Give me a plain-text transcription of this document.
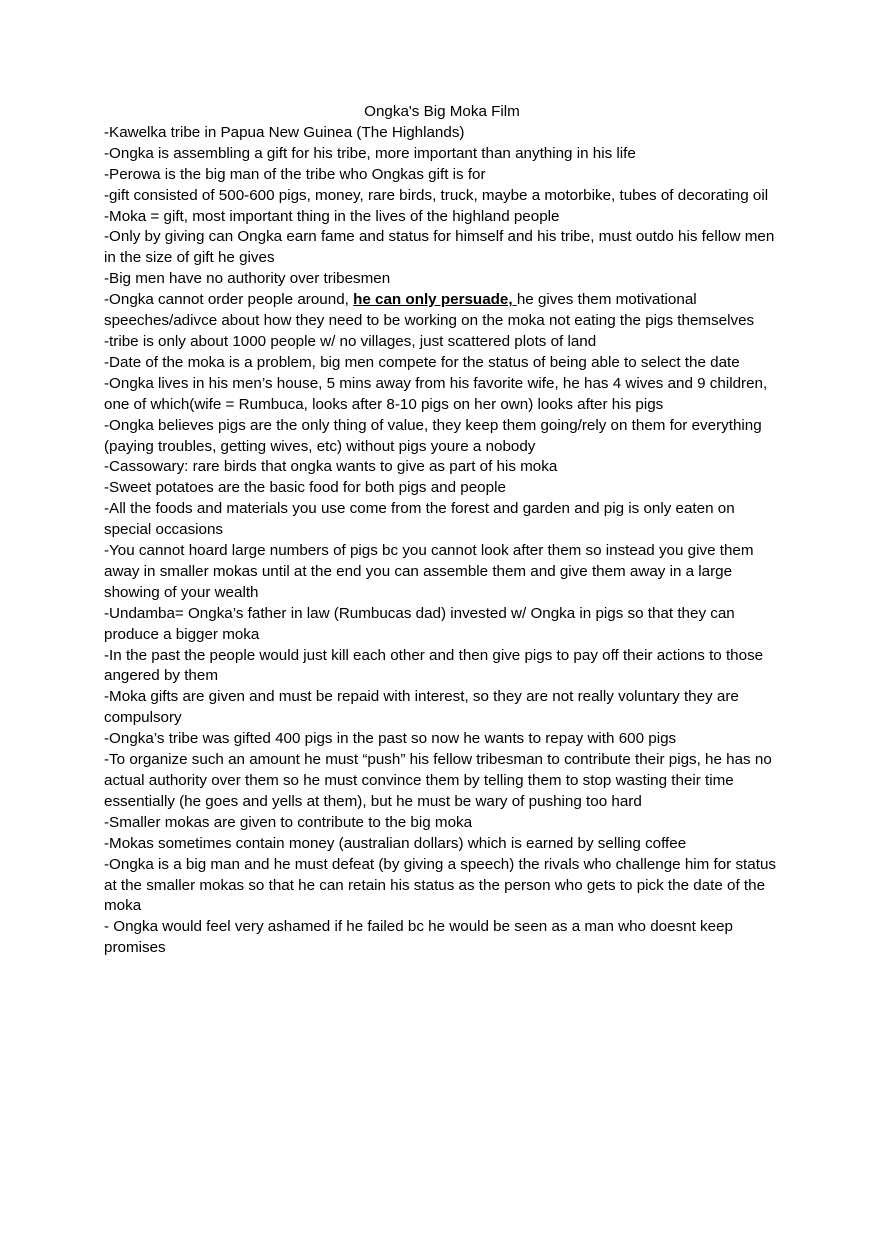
Ongka's Big Moka Film

-Kawelka tribe in Papua New Guinea (The Highlands)

-Ongka is assembling a gift for his tribe, more important than anything in his life

-Perowa is the big man of the tribe who Ongkas gift is for

-gift consisted of 500-600 pigs, money, rare birds, truck, maybe a motorbike, tubes of decorating oil

-Moka = gift, most important thing in the lives of the highland people

-Only by giving can Ongka earn fame and status for himself and his tribe, must outdo his fellow men in the size of gift he gives

-Big men have no authority over tribesmen

-Ongka cannot order people around, he can only persuade, he gives them motivational speeches/adivce about how they need to be working on the moka not eating the pigs themselves

-tribe is only about 1000 people w/ no villages, just scattered plots of land

-Date of the moka is a problem, big men compete for the status of being able to select the date

-Ongka lives in his men’s house, 5 mins away from his favorite wife, he has 4 wives and 9 children, one of which(wife = Rumbuca, looks after 8-10 pigs on her own) looks after his pigs

-Ongka believes pigs are the only thing of value, they keep them going/rely on them for everything (paying troubles, getting wives, etc) without pigs youre a nobody

-Cassowary: rare birds that ongka wants to give as part of his moka

-Sweet potatoes are the basic food for both pigs and people

-All the foods and materials you use come from the forest and garden and pig is only eaten on special occasions

-You cannot hoard large numbers of pigs bc you cannot look after them so instead you give them away in smaller mokas until at the end you can assemble them and give them away in a large showing of your wealth

-Undamba= Ongka’s father in law (Rumbucas dad) invested w/ Ongka in pigs so that they can produce a bigger moka

-In the past the people would just kill each other and then give pigs to pay off their actions to those angered by them

-Moka gifts are given and must be repaid with interest, so they are not really voluntary they are compulsory

-Ongka’s tribe was gifted 400 pigs in the past so now he wants to repay with 600 pigs

-To organize such an amount he must “push” his fellow tribesman to contribute their pigs, he has no actual authority over them so he must convince them by telling them to stop wasting their time essentially (he goes and yells at them), but he must be wary of pushing too hard

-Smaller mokas are given to contribute to the big moka

-Mokas sometimes contain money (australian dollars) which is earned by selling coffee

-Ongka is a big man and he must defeat (by giving a speech) the rivals who challenge him for status at the smaller mokas so that he can retain his status as the person who gets to pick the date of the moka

- Ongka would feel very ashamed if he failed bc he would be seen as a man who doesnt keep promises
